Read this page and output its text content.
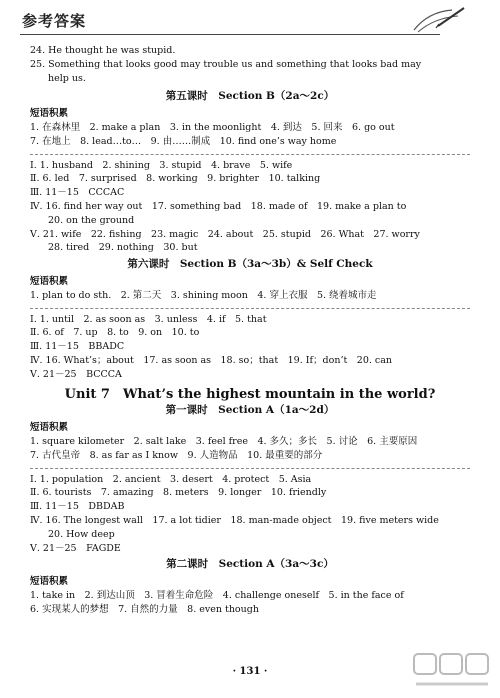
参考答案
24. He thought he was stupid.
25. Something that looks good may trouble us and something that looks bad may
help us.
第五课时　Section B（2a～2c）
短语积累
1. 在森林里　2. make a plan　3. in the moonlight　4. 到达　5. 回来　6. go out
7. 在地上　8. lead…to…　9. 由……制成　10. find one’s way home
Ⅰ. 1. husband　2. shining　3. stupid　4. brave　5. wife
Ⅱ. 6. led　7. surprised　8. working　9. brighter　10. talking
Ⅲ. 11－15　CCCAC
Ⅳ. 16. find her way out　17. something bad　18. made of　19. make a plan to
20. on the ground
Ⅴ. 21. wife　22. fishing　23. magic　24. about　25. stupid　26. What　27. worry
28. tired　29. nothing　30. but
第六课时　Section B（3a～3b）& Self Check
短语积累
1. plan to do sth.　2. 第二天　3. shining moon　4. 穿上衣服　5. 绕着城市走
Ⅰ. 1. until　2. as soon as　3. unless　4. if　5. that
Ⅱ. 6. of　7. up　8. to　9. on　10. to
Ⅲ. 11－15　BBADC
Ⅳ. 16. What’s；about　17. as soon as　18. so；that　19. If；don’t　20. can
Ⅴ. 21－25　BCCCA
Unit 7　What’s the highest mountain in the world?
第一课时　Section A（1a～2d）
短语积累
1. square kilometer　2. salt lake　3. feel free　4. 多久；多长　5. 讨论　6. 主要原因
7. 古代皇帝　8. as far as I know　9. 人造物品　10. 最重要的部分
Ⅰ. 1. population　2. ancient　3. desert　4. protect　5. Asia
Ⅱ. 6. tourists　7. amazing　8. meters　9. longer　10. friendly
Ⅲ. 11－15　DBDAB
Ⅳ. 16. The longest wall　17. a lot tidier　18. man-made object　19. five meters wide
20. How deep
Ⅴ. 21－25　FAGDE
第二课时　Section A（3a～3c）
短语积累
1. take in　2. 到达山顶　3. 冒着生命危险　4. challenge oneself　5. in the face of
6. 实现某人的梦想　7. 自然的力量　8. even though
· 131 ·
